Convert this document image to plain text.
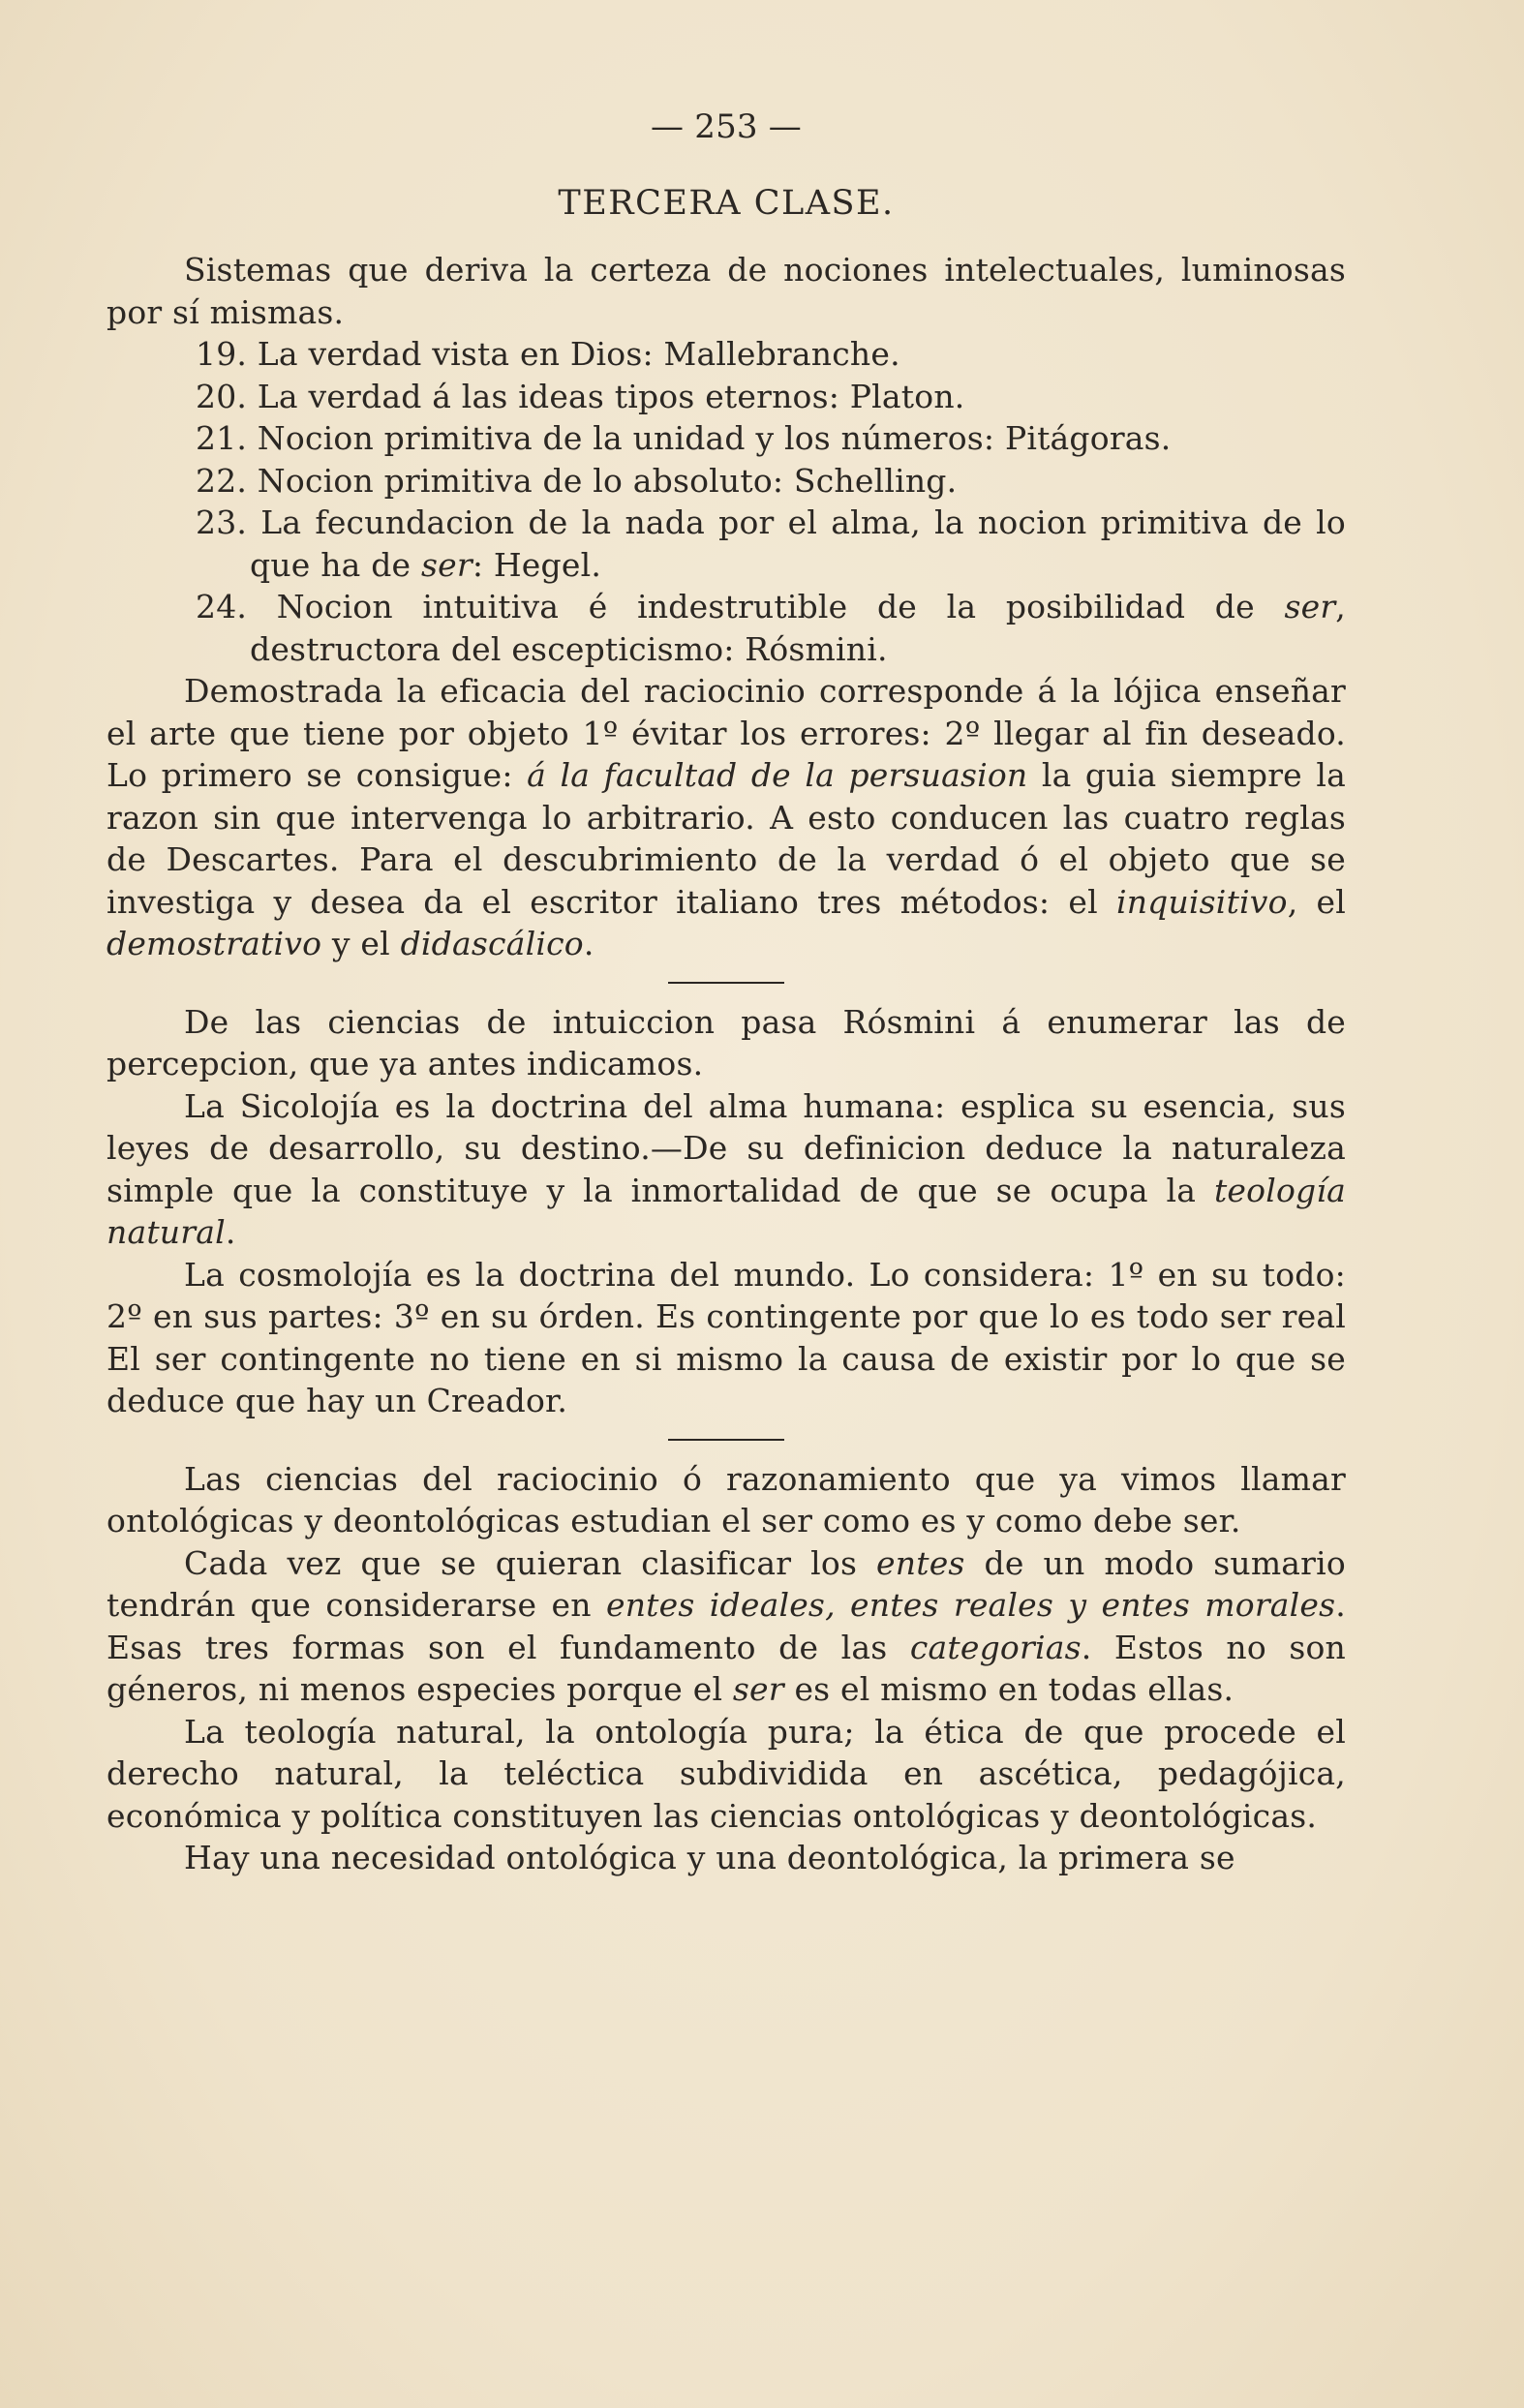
— 253 —
TERCERA CLASE.

Sistemas que deriva la certeza de nociones intelectuales, luminosas por sí mismas.

19. La verdad vista en Dios: Mallebranche.

20. La verdad á las ideas tipos eternos: Platon.

21. Nocion primitiva de la unidad y los números: Pitágoras.

22. Nocion primitiva de lo absoluto: Schelling.

23. La fecundacion de la nada por el alma, la nocion primitiva de lo que ha de ser: Hegel.

24. Nocion intuitiva é indestrutible de la posibilidad de ser, destructora del escepticismo: Rósmini.

Demostrada la eficacia del raciocinio corresponde á la lójica enseñar el arte que tiene por objeto 1º évitar los errores: 2º llegar al fin deseado. Lo primero se consigue: á la facultad de la persuasion la guia siempre la razon sin que intervenga lo arbitrario. A esto conducen las cuatro reglas de Descartes. Para el descubrimiento de la verdad ó el objeto que se investiga y desea da el escritor italiano tres métodos: el inquisitivo, el demostrativo y el didascálico.

De las ciencias de intuiccion pasa Rósmini á enumerar las de percepcion, que ya antes indicamos.

La Sicolojía es la doctrina del alma humana: esplica su esencia, sus leyes de desarrollo, su destino.—De su definicion deduce la naturaleza simple que la constituye y la inmortalidad de que se ocupa la teología natural.

La cosmolojía es la doctrina del mundo. Lo considera: 1º en su todo: 2º en sus partes: 3º en su órden. Es contingente por que lo es todo ser real El ser contingente no tiene en si mismo la causa de existir por lo que se deduce que hay un Creador.

Las ciencias del raciocinio ó razonamiento que ya vimos llamar ontológicas y deontológicas estudian el ser como es y como debe ser.

Cada vez que se quieran clasificar los entes de un modo sumario tendrán que considerarse en entes ideales, entes reales y entes morales. Esas tres formas son el fundamento de las categorias. Estos no son géneros, ni menos especies porque el ser es el mismo en todas ellas.

La teología natural, la ontología pura; la ética de que procede el derecho natural, la teléctica subdividida en ascética, pedagójica, económica y política constituyen las ciencias ontológicas y deontológicas.

Hay una necesidad ontológica y una deontológica, la primera se
